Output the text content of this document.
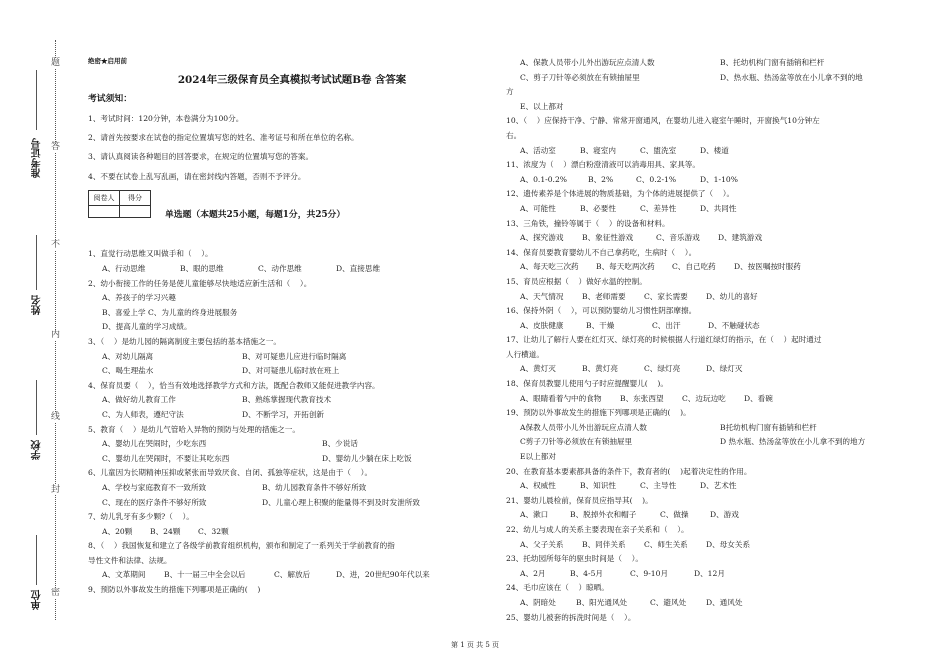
题
答
不
内
线
封
密
准考证号
姓名
学校
单位
绝密★启用前
2024年三级保育员全真模拟考试试题B卷 含答案
考试须知：
1、考试时间：120分钟，本卷满分为100分。
2、请首先按要求在试卷的指定位置填写您的姓名、准考证号和所在单位的名称。
3、请认真阅读各种题目的回答要求，在规定的位置填写您的答案。
4、不要在试卷上乱写乱画，请在密封线内答题，否则不予评分。
阅卷人	得分

单选题（本题共25小题，每题1分，共25分）
1、直觉行动思维又叫做手和（    ）。
A、行动思维	B、眼的思维	C、动作思维	D、直接思维
2、幼小衔接工作的任务是使儿童能够尽快地适应新生活和（    ）。
A、养孩子的学习兴趣
B、喜爱上学 C、为儿童的终身进展服务
D、提高儿童的学习成绩。
3、（    ）是幼儿园的隔离制度主要包括的基本措施之一。
A、对幼儿隔离	B、对可疑患儿应进行临时隔离
C、喝生理盐水	D、对可疑患儿临时放在班上
4、保育员要（    ），恰当有效地选择教学方式和方法，既配合教师又能促进教学内容。
A、做好幼儿教育工作	B、熟练掌握现代教育技术
C、为人师表，遵纪守法	D、不断学习，开拓创新
5、教育（    ）是幼儿气管哈入异物的预防与处理的措施之一。
A、婴幼儿在哭闹时，少吃东西	B、少说话
C、婴幼儿在哭闹时，不要让其吃东西	D、婴幼儿少躺在床上吃饭
6、儿童因为长期精神压抑或紧张而导致厌食、自闭、孤独等症状，这是由于（    ）。
A、学校与家庭教育不一致所致	B、幼儿园教育条件不够好所致
C、现在的医疗条件不够好所致	D、儿童心理上积聚的能量得不到及时发泄所致
7、幼儿乳牙有多少颗?（    ）。
A、20颗	B、24颗	C、32颗
8、（    ）我国恢复和建立了各级学前教育组织机构，颁布和制定了一系列关于学前教育的指
导性文件和法律、法规。
A、文革期间	B、十一届三中全会以后	C、解放后	D、进，20世纪90年代以来
9、预防以外事故发生的措施下列哪项是正确的(    )
A、保教人员带小儿外出游玩应点清人数	B、托幼机构门窗有插销和栏杆
C、剪子刀针等必须放在有锁抽屉里	D、热水瓶、热汤盆等放在小儿拿不到的地
方
E、以上都对
10、（    ）应保持干净、宁静、常常开窗通风，在婴幼儿进入寝室午睡时，开窗换气10分钟左
右。
A、活动室	B、寝室内	C、盥洗室	D、楼道
11、浓度为（    ）漂白粉澄清液可以消毒用具、家具等。
A、0.1-0.2%	B、2%	C、0.2-1%	D、1-10%
12、遗传素养是个体进展的物质基础，为个体的进展提供了（    ）。
A、可能性	B、必要性	C、差异性	D、共同性
13、三角铁，撞铃等属于（    ）的设备和材料。
A、探究游戏	B、象征性游戏	C、音乐游戏	D、建筑游戏
14、保育员要教育婴幼儿不自己拿药吃，生病时（    ）。
A、每天吃三次药	B、每天吃两次药	C、自己吃药	D、按医嘱按时服药
15、育员应根据（    ）做好水温的控制。
A、天气情况	B、老师需要	C、家长需要	D、幼儿的喜好
16、保持外阴（    ），可以预防婴幼儿习惯性阴部摩擦。
A、皮肤健康	B、干燥	C、出汗	D、不触碰状态
17、让幼儿了解行人要在红灯灭、绿灯亮的时候根据人行道红绿灯的指示，在（    ）起时通过
人行横道。
A、黄灯灭	B、黄灯亮	C、绿灯亮	D、绿灯灭
18、保育员教婴儿使用勺子时应提醒婴儿(    )。
A、眼睛看着勺中的食物	B、东张西望	C、边玩边吃	D、看碗
19、预防以外事故发生的措施下列哪项是正确的(    )。
A保教人员带小儿外出游玩应点清人数	B托幼机构门窗有插销和栏杆
C剪子刀针等必须放在有锁抽屉里	D 热水瓶、热汤盆等放在小儿拿不到的地方
E以上都对
20、在教育基本要素都具备的条件下，教育者的(    )起着决定性的作用。
A、权威性	B、知识性	C、主导性	D、艺术性
21、婴幼儿晨检前，保育员应指导其(    )。
A、漱口	B、脱掉外衣和帽子	C、做操	D、游戏
22、幼儿与成人的关系主要表现在亲子关系和（    ）。
A、父子关系	B、同伴关系	C、师生关系	D、母女关系
23、托幼园所每年的驱虫时间是（    ）。
A、2月	B、4-5月	C、9-10月	D、12月
24、毛巾应该在（    ）晾晒。
A、阴暗处	B、阳光通风处	C、避风处	D、通风处
25、婴幼儿被套的拆洗时间是（    ）。
第 1 页 共 5 页
